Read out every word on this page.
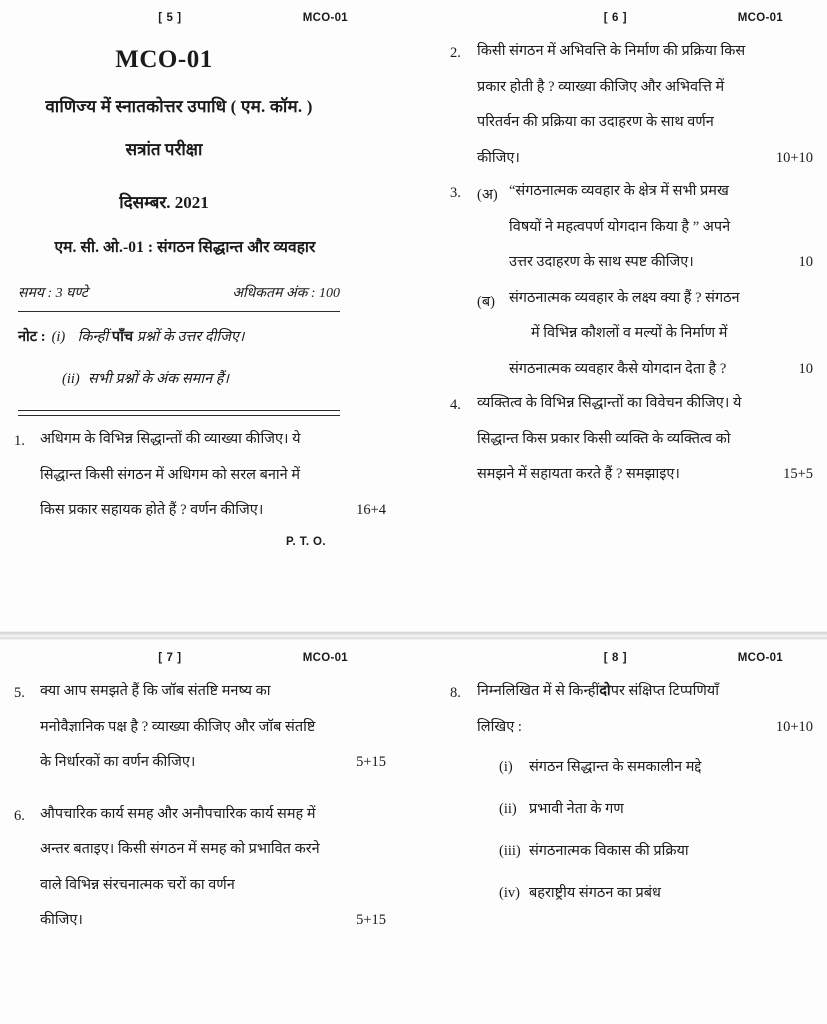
[ 5 ]	MCO-01
MCO-01
वाणिज्य में स्नातकोत्तर उपाधि ( एम. कॉम. )
सत्रांत परीक्षा
दिसम्बर. 2021
एम. सी. ओ.-01 : संगठन सिद्धान्त और व्यवहार
समय : 3 घण्टे	अधिकतम अंक : 100
नोट : (i) किन्हीं पाँच प्रश्नों के उत्तर दीजिए।
(ii) सभी प्रश्नों के अंक समान हैं।
1.	अधिगम के विभिन्न सिद्धान्तों की व्याख्या कीजिए। ये
सिद्धान्त किसी संगठन में अधिगम को सरल बनाने में
किस प्रकार सहायक होते हैं ? वर्णन कीजिए।	16+4
P. T. O.
[ 6 ]	MCO-01
2.	किसी संगठन में अभिवत्ति के निर्माण की प्रक्रिया किस
प्रकार होती है ? व्याख्या कीजिए और अभिवत्ति में
परितर्वन की प्रक्रिया का उदाहरण के साथ वर्णन
कीजिए।	10+10
3.	(अ) “संगठनात्मक व्यवहार के क्षेत्र में सभी प्रमख
विषयों ने महत्वपर्ण योगदान किया है ” अपने
उत्तर उदाहरण के साथ स्पष्ट कीजिए।	10
(ब) संगठनात्मक व्यवहार के लक्ष्य क्या हैं ? संगठन
में विभिन्न कौशलों व मल्यों के निर्माण में
संगठनात्मक व्यवहार कैसे योगदान देता है ?	10
4.	व्यक्तित्व के विभिन्न सिद्धान्तों का विवेचन कीजिए। ये
सिद्धान्त किस प्रकार किसी व्यक्ति के व्यक्तित्व को
समझने में सहायता करते हैं ? समझाइए।	15+5
[ 7 ]	MCO-01
5.	क्या आप समझते हैं कि जॉब संतष्टि मनष्य का
मनोवैज्ञानिक पक्ष है ? व्याख्या कीजिए और जॉब संतष्टि
के निर्धारकों का वर्णन कीजिए।	5+15
6.	औपचारिक कार्य समह और अनौपचारिक कार्य समह में
अन्तर बताइए। किसी संगठन में समह को प्रभावित करने
वाले विभिन्न संरचनात्मक चरों का वर्णन
कीजिए।	5+15
[ 8 ]	MCO-01
8.	निम्नलिखित में से किन्हीं दो पर संक्षिप्त टिप्पणियाँ
लिखिए :	10+10
(i)	संगठन सिद्धान्त के समकालीन मद्दे
(ii) प्रभावी नेता के गण
(iii) संगठनात्मक विकास की प्रक्रिया
(iv) बहराष्ट्रीय संगठन का प्रबंध
